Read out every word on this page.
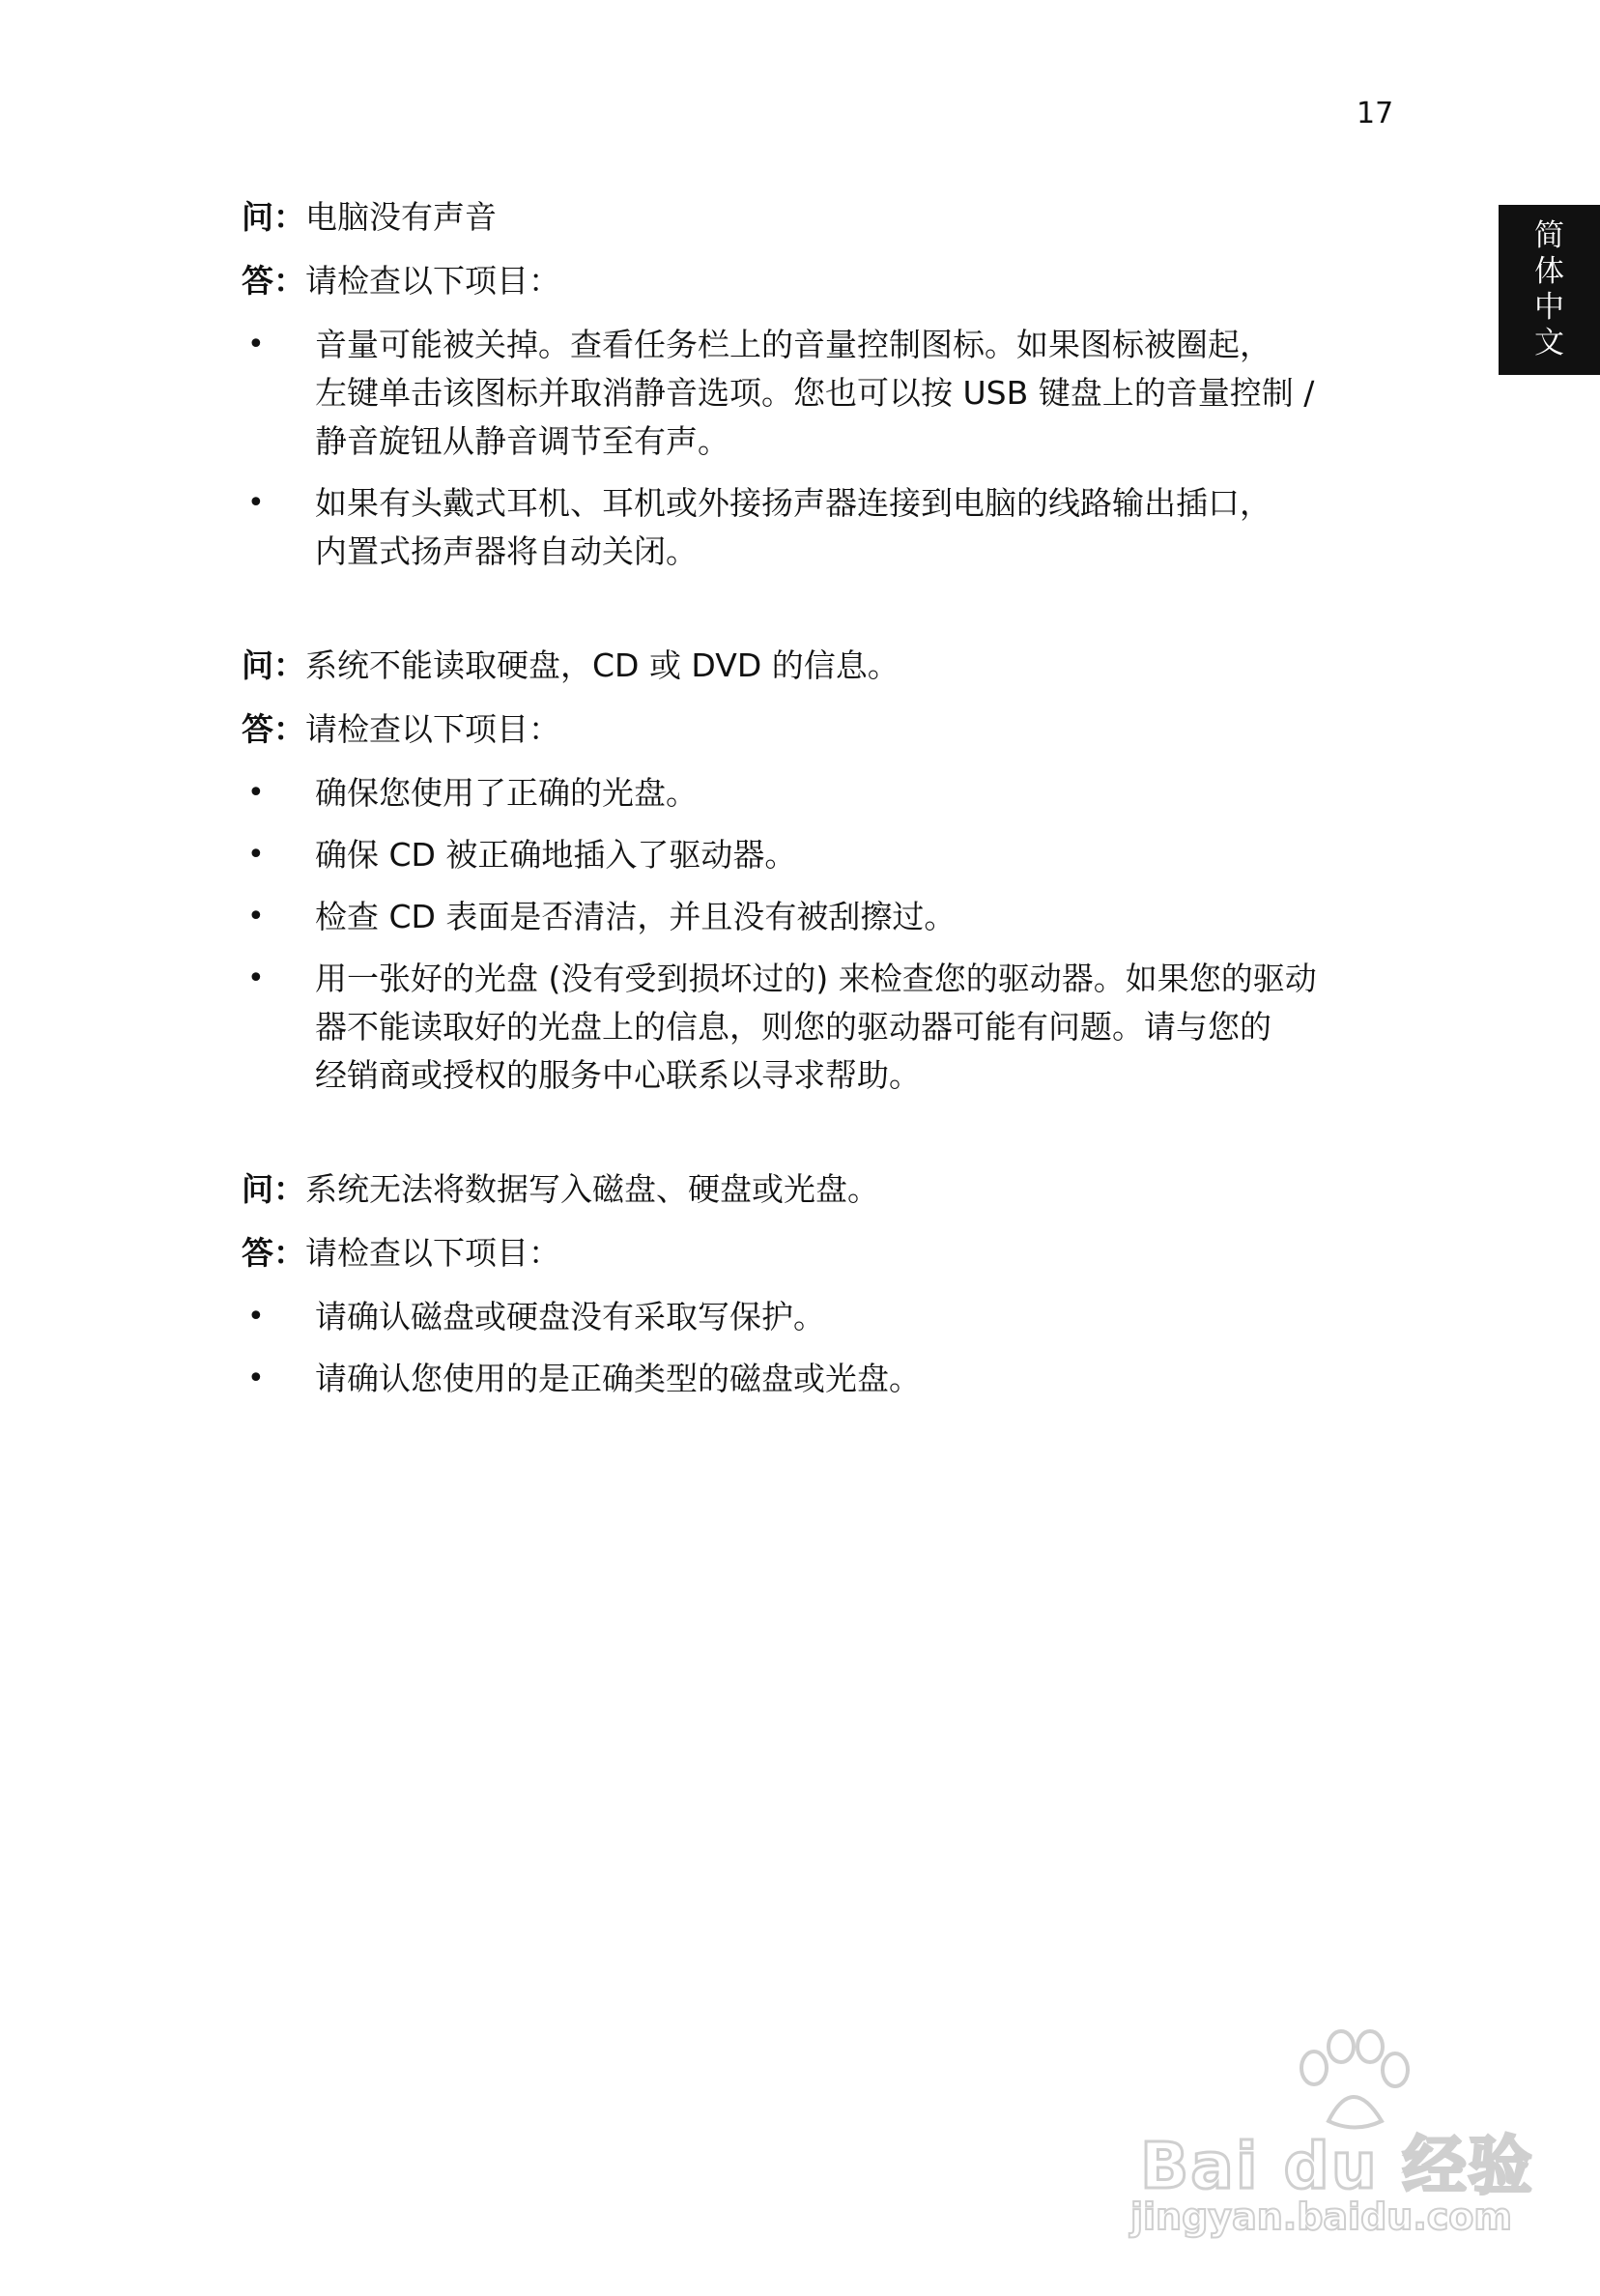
17
简
体
中
文
问：电脑没有声音
答：请检查以下项目：
• 音量可能被关掉。查看任务栏上的音量控制图标。如果图标被圈起，
左键单击该图标并取消静音选项。您也可以按 USB 键盘上的音量控制 /
静音旋钮从静音调节至有声。
• 如果有头戴式耳机、耳机或外接扬声器连接到电脑的线路输出插口，
内置式扬声器将自动关闭。
问：系统不能读取硬盘，CD 或 DVD 的信息。
答：请检查以下项目：
• 确保您使用了正确的光盘。
• 确保 CD 被正确地插入了驱动器。
• 检查 CD 表面是否清洁，并且没有被刮擦过。
• 用一张好的光盘 (没有受到损坏过的) 来检查您的驱动器。如果您的驱动
器不能读取好的光盘上的信息，则您的驱动器可能有问题。请与您的
经销商或授权的服务中心联系以寻求帮助。
问：系统无法将数据写入磁盘、硬盘或光盘。
答：请检查以下项目：
• 请确认磁盘或硬盘没有采取写保护。
• 请确认您使用的是正确类型的磁盘或光盘。
Bai du 经验
jingyan.baidu.com
